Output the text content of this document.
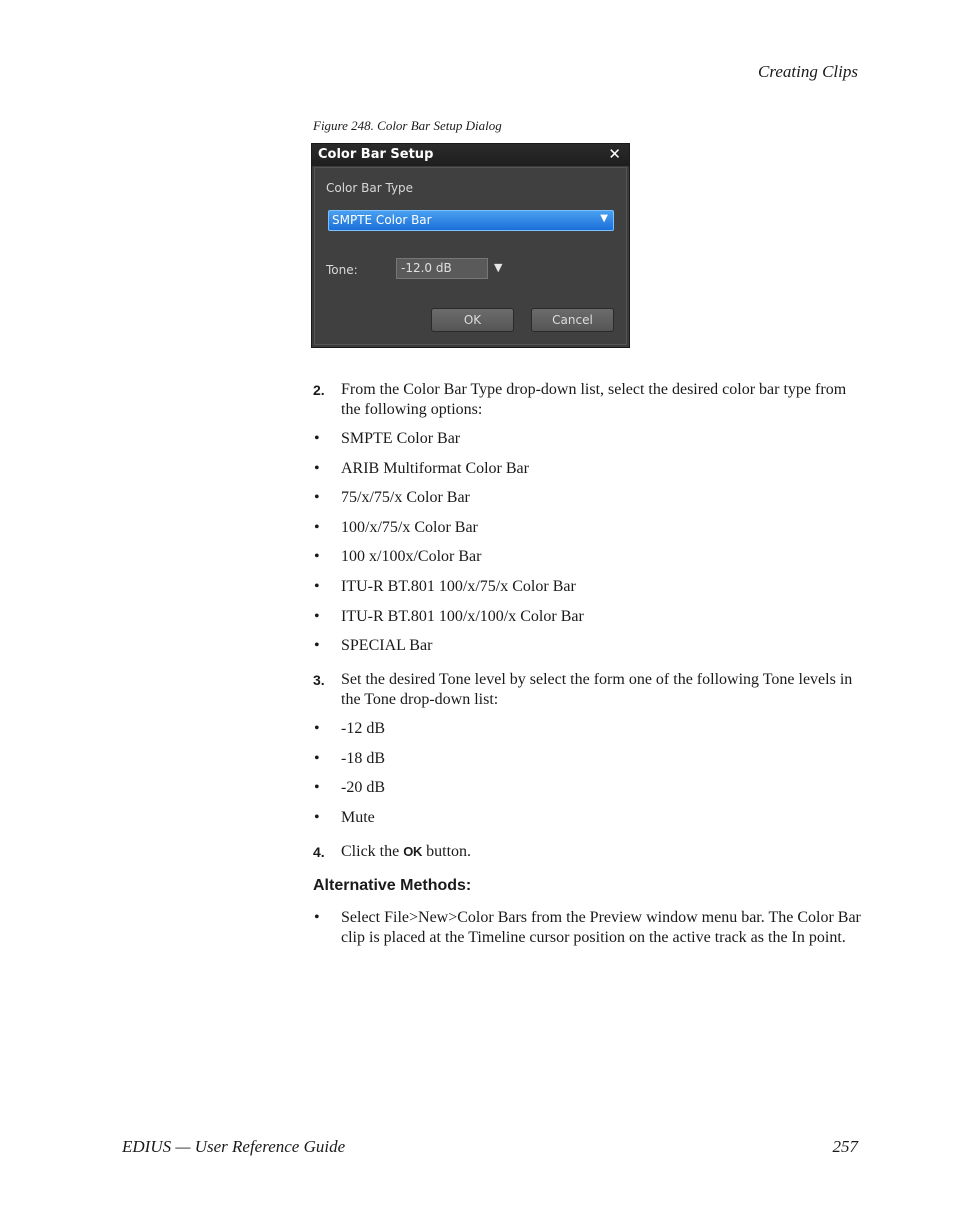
Creating Clips
Figure 248. Color Bar Setup Dialog
Color Bar Setup	✕
Color Bar Type
SMPTE Color Bar	▼
Tone:	-12.0 dB	▼
OK	Cancel
2. From the Color Bar Type drop-down list, select the desired color bar type from the following options:
• SMPTE Color Bar
• ARIB Multiformat Color Bar
• 75/x/75/x Color Bar
• 100/x/75/x Color Bar
• 100 x/100x/Color Bar
• ITU-R BT.801 100/x/75/x Color Bar
• ITU-R BT.801 100/x/100/x Color Bar
• SPECIAL Bar
3. Set the desired Tone level by select the form one of the following Tone levels in the Tone drop-down list:
• -12 dB
• -18 dB
• -20 dB
• Mute
4. Click the OK button.
Alternative Methods:
• Select File>New>Color Bars from the Preview window menu bar. The Color Bar clip is placed at the Timeline cursor position on the active track as the In point.
EDIUS — User Reference Guide	257
